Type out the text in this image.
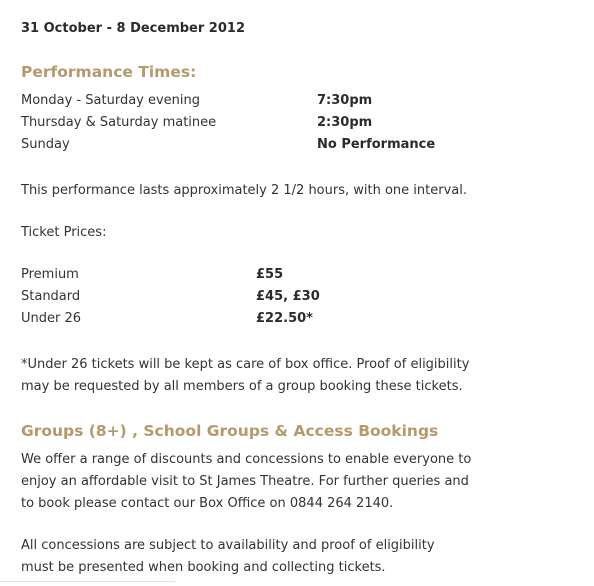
31 October - 8 December 2012
Performance Times:
Monday - Saturday evening	7:30pm
Thursday & Saturday matinee	2:30pm
Sunday	No Performance
This performance lasts approximately 2 1/2 hours, with one interval.
Ticket Prices:
Premium	£55
Standard	£45, £30
Under 26	£22.50*
*Under 26 tickets will be kept as care of box office. Proof of eligibility may be requested by all members of a group booking these tickets.
Groups (8+) , School Groups & Access Bookings
We offer a range of discounts and concessions to enable everyone to enjoy an affordable visit to St James Theatre. For further queries and to book please contact our Box Office on 0844 264 2140.
All concessions are subject to availability and proof of eligibility must be presented when booking and collecting tickets.
